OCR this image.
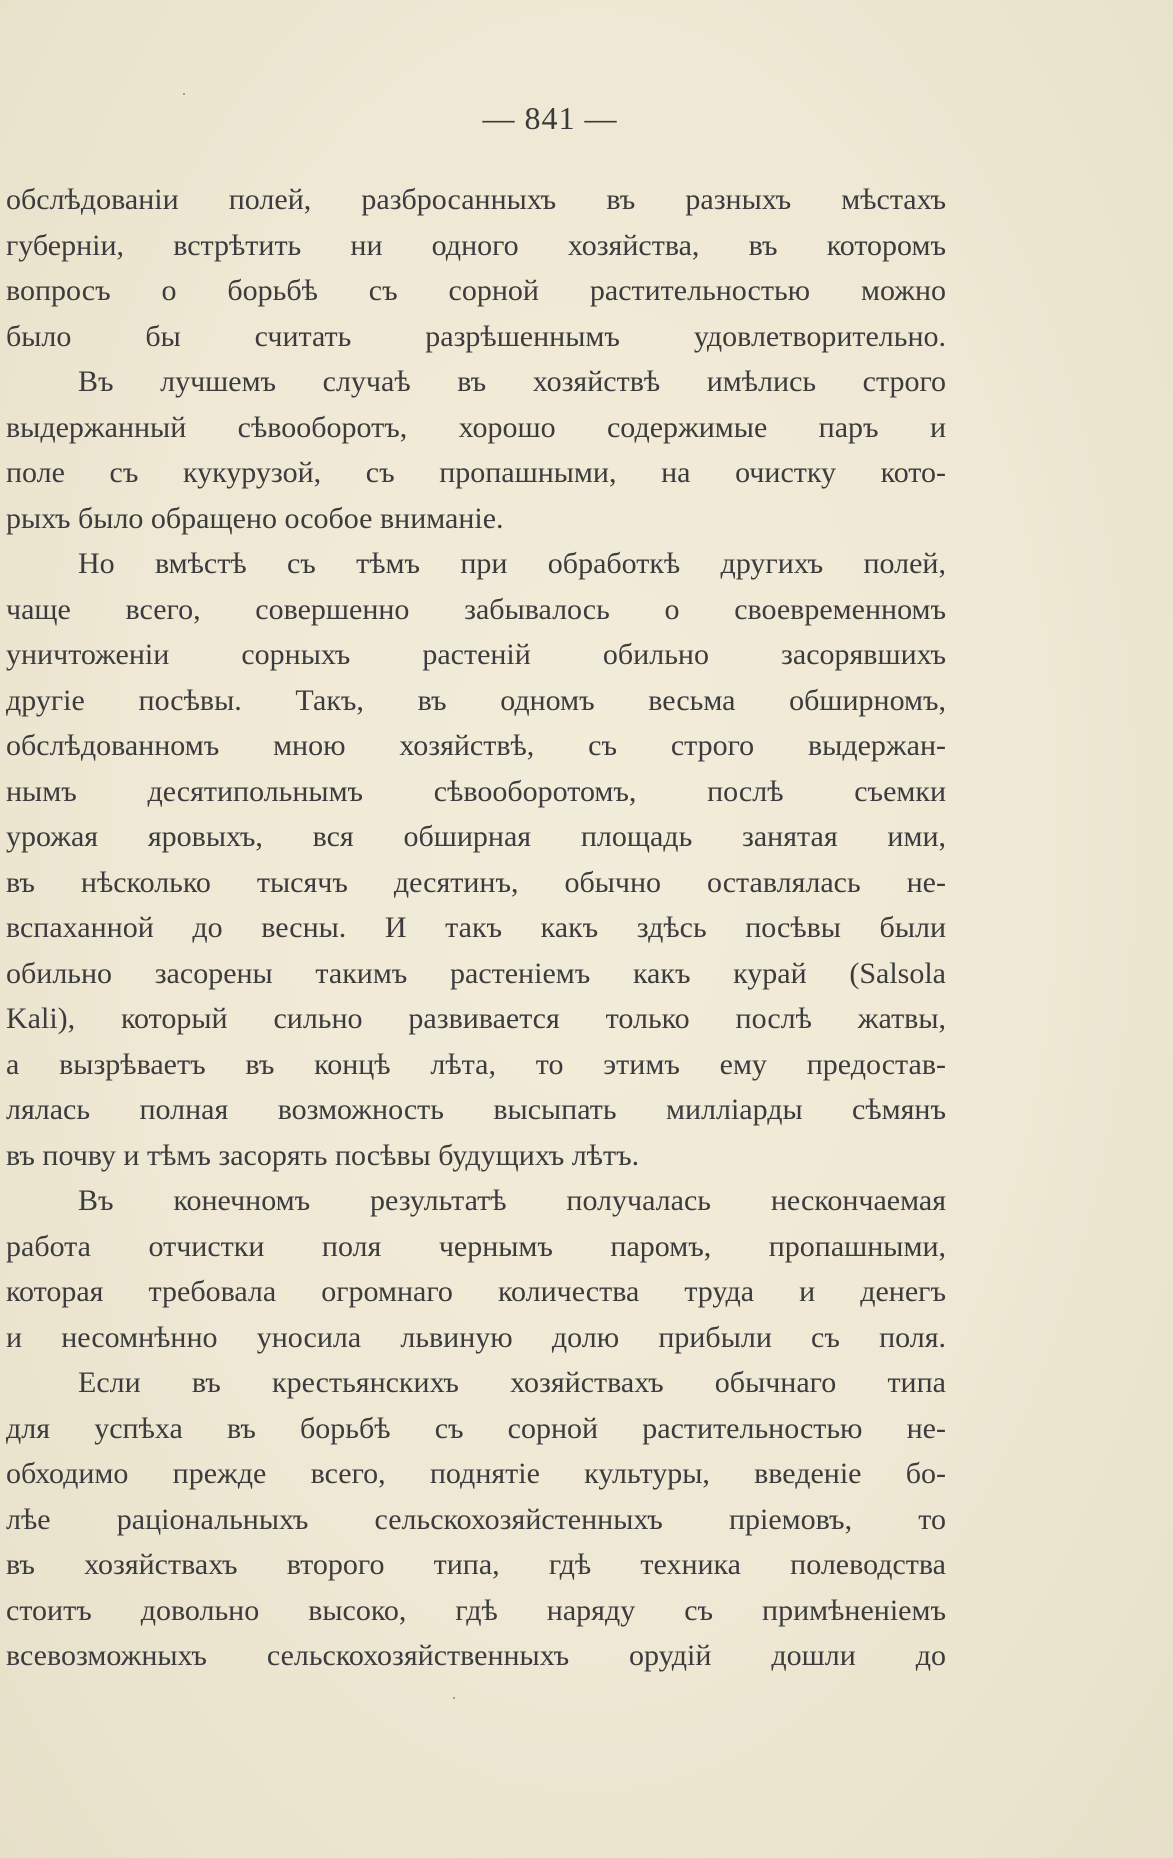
— 841 —
обслѣдованіи полей, разбросанныхъ въ разныхъ мѣстахъ
губерніи, встрѣтить ни одного хозяйства, въ которомъ
вопросъ о борьбѣ съ сорной растительностью можно
было бы считать разрѣшеннымъ удовлетворительно.
Въ лучшемъ случаѣ въ хозяйствѣ имѣлись строго
выдержанный сѣвооборотъ, хорошо содержимые паръ и
поле съ кукурузой, съ пропашными, на очистку кото-
рыхъ было обращено особое вниманіе.
Но вмѣстѣ съ тѣмъ при обработкѣ другихъ полей,
чаще всего, совершенно забывалось о своевременномъ
уничтоженіи сорныхъ растеній обильно засорявшихъ
другіе посѣвы. Такъ, въ одномъ весьма обширномъ,
обслѣдованномъ мною хозяйствѣ, съ строго выдержан-
нымъ десятипольнымъ сѣвооборотомъ, послѣ съемки
урожая яровыхъ, вся обширная площадь занятая ими,
въ нѣсколько тысячъ десятинъ, обычно оставлялась не-
вспаханной до весны. И такъ какъ здѣсь посѣвы были
обильно засорены такимъ растеніемъ какъ курай (Salsola
Kali), который сильно развивается только послѣ жатвы,
а вызрѣваетъ въ концѣ лѣта, то этимъ ему предостав-
лялась полная возможность высыпать милліарды сѣмянъ
въ почву и тѣмъ засорять посѣвы будущихъ лѣтъ.
Въ конечномъ результатѣ получалась нескончаемая
работа отчистки поля чернымъ паромъ, пропашными,
которая требовала огромнаго количества труда и денегъ
и несомнѣнно уносила львиную долю прибыли съ поля.
Если въ крестьянскихъ хозяйствахъ обычнаго типа
для успѣха въ борьбѣ съ сорной растительностью не-
обходимо прежде всего, поднятіе культуры, введеніе бо-
лѣе раціональныхъ сельскохозяйстенныхъ пріемовъ, то
въ хозяйствахъ второго типа, гдѣ техника полеводства
стоитъ довольно высоко, гдѣ наряду съ примѣненіемъ
всевозможныхъ сельскохозяйственныхъ орудій дошли до
